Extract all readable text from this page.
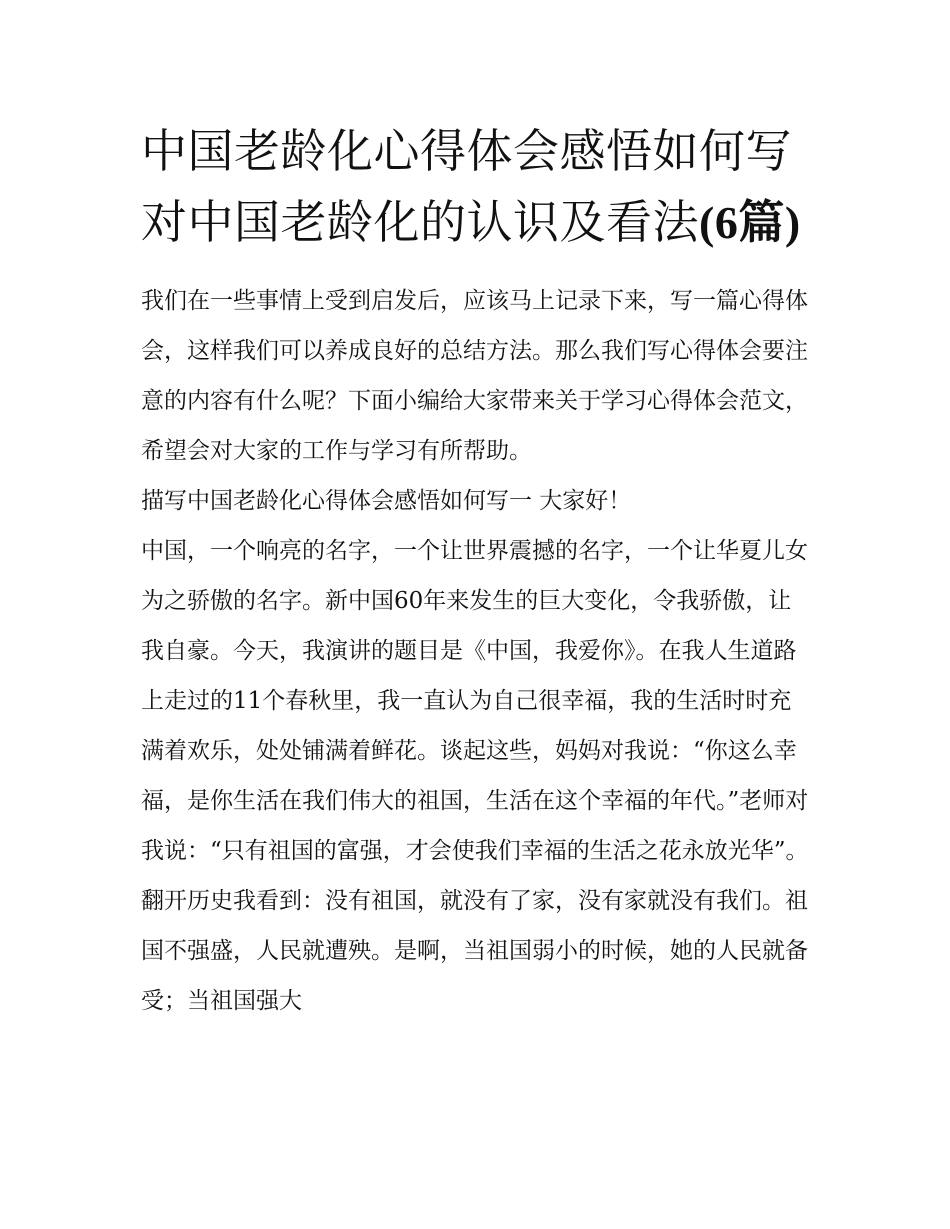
中国老龄化心得体会感悟如何写 对中国老龄化的认识及看法(6篇)

我们在一些事情上受到启发后，应该马上记录下来，写一篇心得体会，这样我们可以养成良好的总结方法。那么我们写心得体会要注意的内容有什么呢？下面小编给大家带来关于学习心得体会范文，希望会对大家的工作与学习有所帮助。

描写中国老龄化心得体会感悟如何写一 大家好！

中国，一个响亮的名字，一个让世界震撼的名字，一个让华夏儿女为之骄傲的名字。新中国60年来发生的巨大变化，令我骄傲，让我自豪。今天，我演讲的题目是《中国，我爱你》。在我人生道路上走过的11个春秋里，我一直认为自己很幸福，我的生活时时充满着欢乐，处处铺满着鲜花。谈起这些，妈妈对我说：“你这么幸福，是你生活在我们伟大的祖国，生活在这个幸福的年代。”老师对我说：“只有祖国的富强，才会使我们幸福的生活之花永放光华”。翻开历史我看到：没有祖国，就没有了家，没有家就没有我们。祖国不强盛，人民就遭殃。是啊，当祖国弱小的时候，她的人民就备受；当祖国强大
